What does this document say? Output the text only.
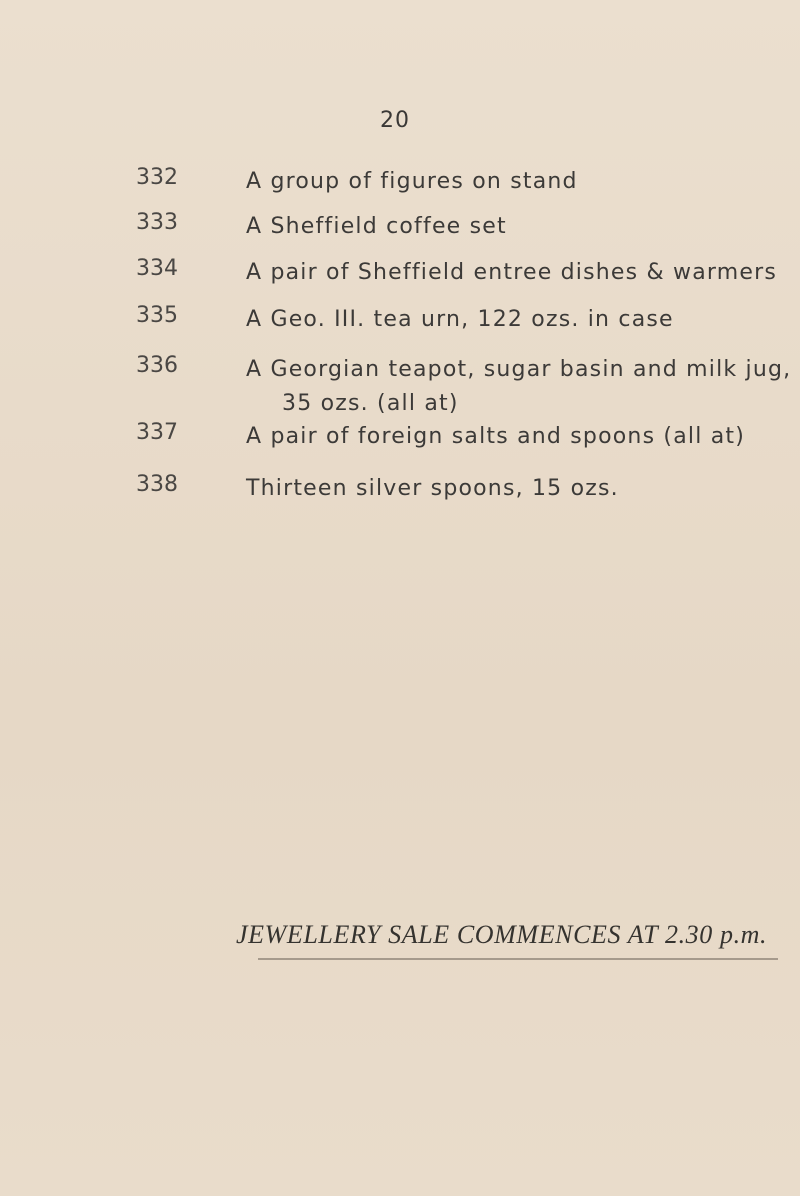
20
332	A group of figures on stand
333	A Sheffield coffee set
334	A pair of Sheffield entree dishes & warmers
335	A Geo. III. tea urn, 122 ozs. in case
336	A Georgian teapot, sugar basin and milk jug,
35 ozs. (all at)
337	A pair of foreign salts and spoons (all at)
338	Thirteen silver spoons, 15 ozs.
JEWELLERY SALE COMMENCES AT 2.30 p.m.
